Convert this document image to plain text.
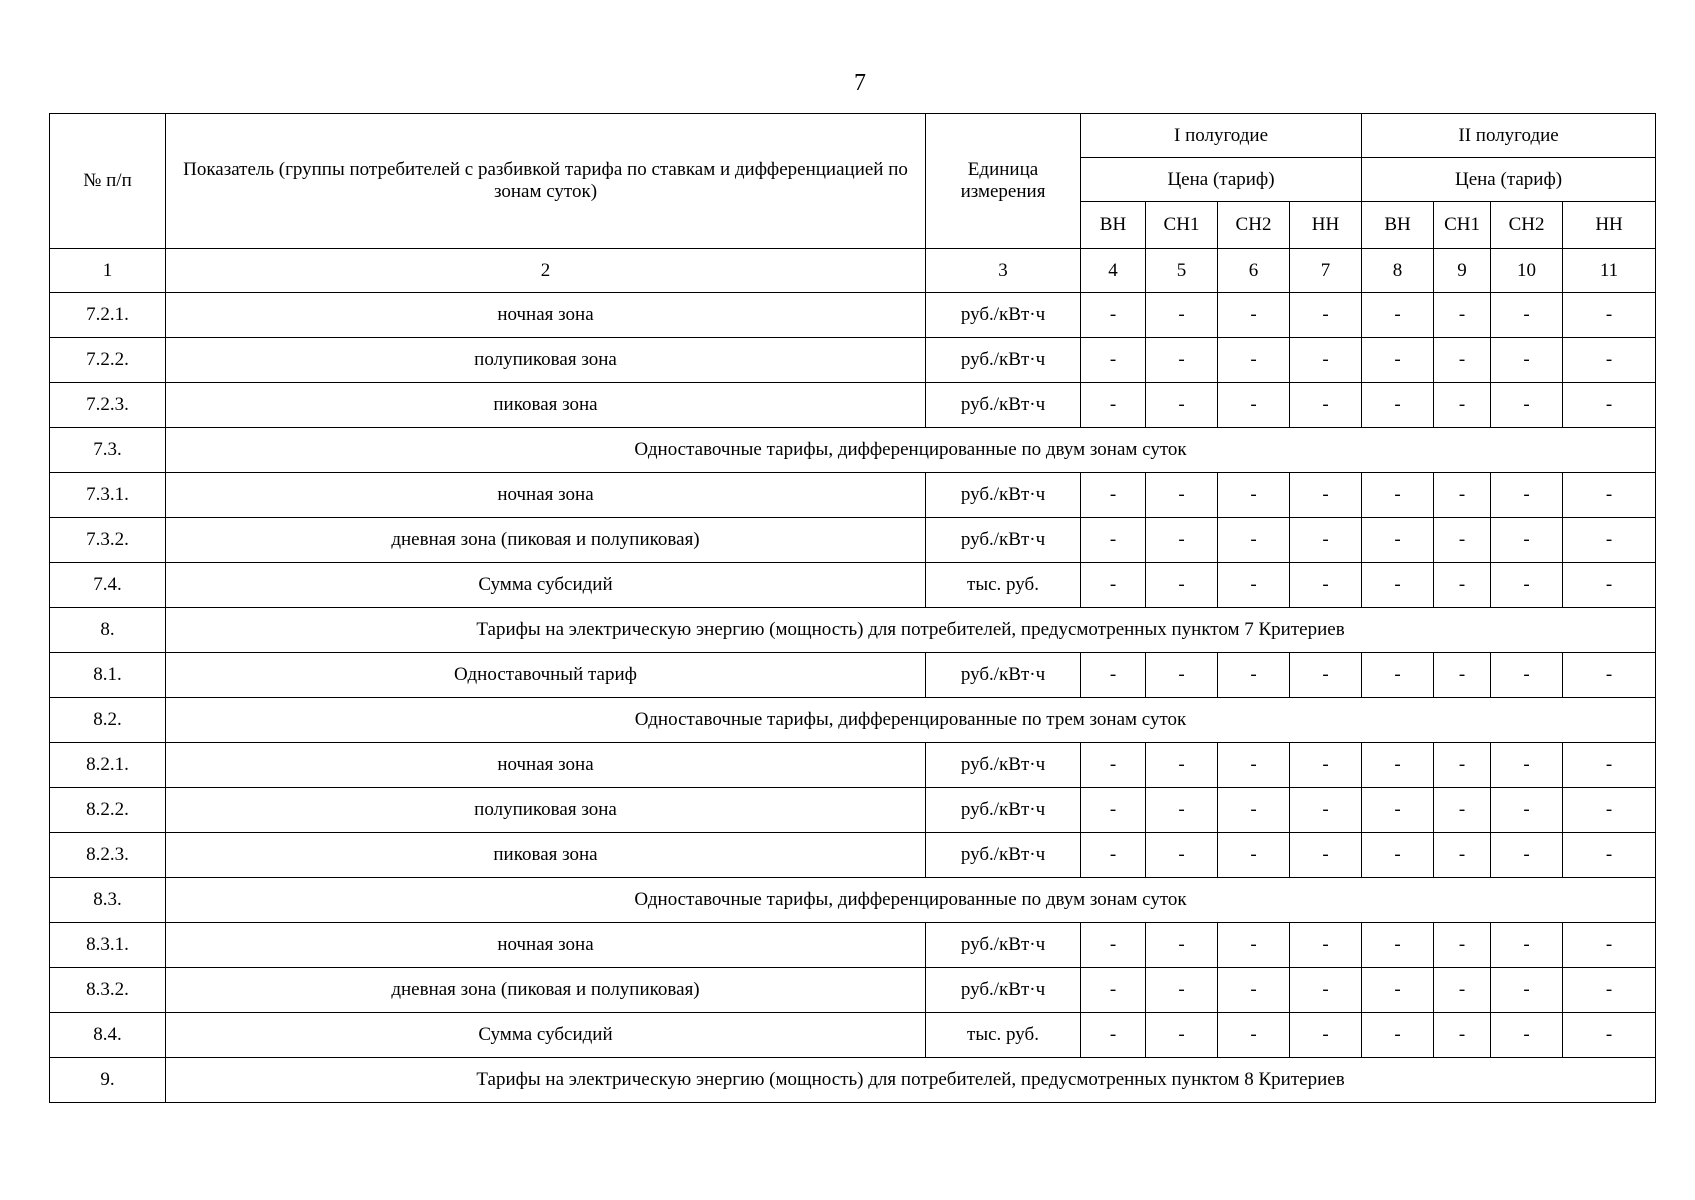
7
№ п/п	Показатель (группы потребителей с разбивкой тарифа по ставкам и дифференциацией по зонам суток)	Единица измерения	I полугодие				II полугодие			
			Цена (тариф)				Цена (тариф)			
			ВН	СН1	СН2	НН	ВН	СН1	СН2	НН
1	2	3	4	5	6	7	8	9	10	11
7.2.1.	ночная зона	руб./кВт·ч	-	-	-	-	-	-	-	-
7.2.2.	полупиковая зона	руб./кВт·ч	-	-	-	-	-	-	-	-
7.2.3.	пиковая зона	руб./кВт·ч	-	-	-	-	-	-	-	-
7.3.	Одноставочные тарифы, дифференцированные по двум зонам суток									
7.3.1.	ночная зона	руб./кВт·ч	-	-	-	-	-	-	-	-
7.3.2.	дневная зона (пиковая и полупиковая)	руб./кВт·ч	-	-	-	-	-	-	-	-
7.4.	Сумма субсидий	тыс. руб.	-	-	-	-	-	-	-	-
8.	Тарифы на электрическую энергию (мощность) для потребителей, предусмотренных пунктом 7 Критериев									
8.1.	Одноставочный тариф	руб./кВт·ч	-	-	-	-	-	-	-	-
8.2.	Одноставочные тарифы, дифференцированные по трем зонам суток									
8.2.1.	ночная зона	руб./кВт·ч	-	-	-	-	-	-	-	-
8.2.2.	полупиковая зона	руб./кВт·ч	-	-	-	-	-	-	-	-
8.2.3.	пиковая зона	руб./кВт·ч	-	-	-	-	-	-	-	-
8.3.	Одноставочные тарифы, дифференцированные по двум зонам суток									
8.3.1.	ночная зона	руб./кВт·ч	-	-	-	-	-	-	-	-
8.3.2.	дневная зона (пиковая и полупиковая)	руб./кВт·ч	-	-	-	-	-	-	-	-
8.4.	Сумма субсидий	тыс. руб.	-	-	-	-	-	-	-	-
9.	Тарифы на электрическую энергию (мощность) для потребителей, предусмотренных пунктом 8 Критериев									
